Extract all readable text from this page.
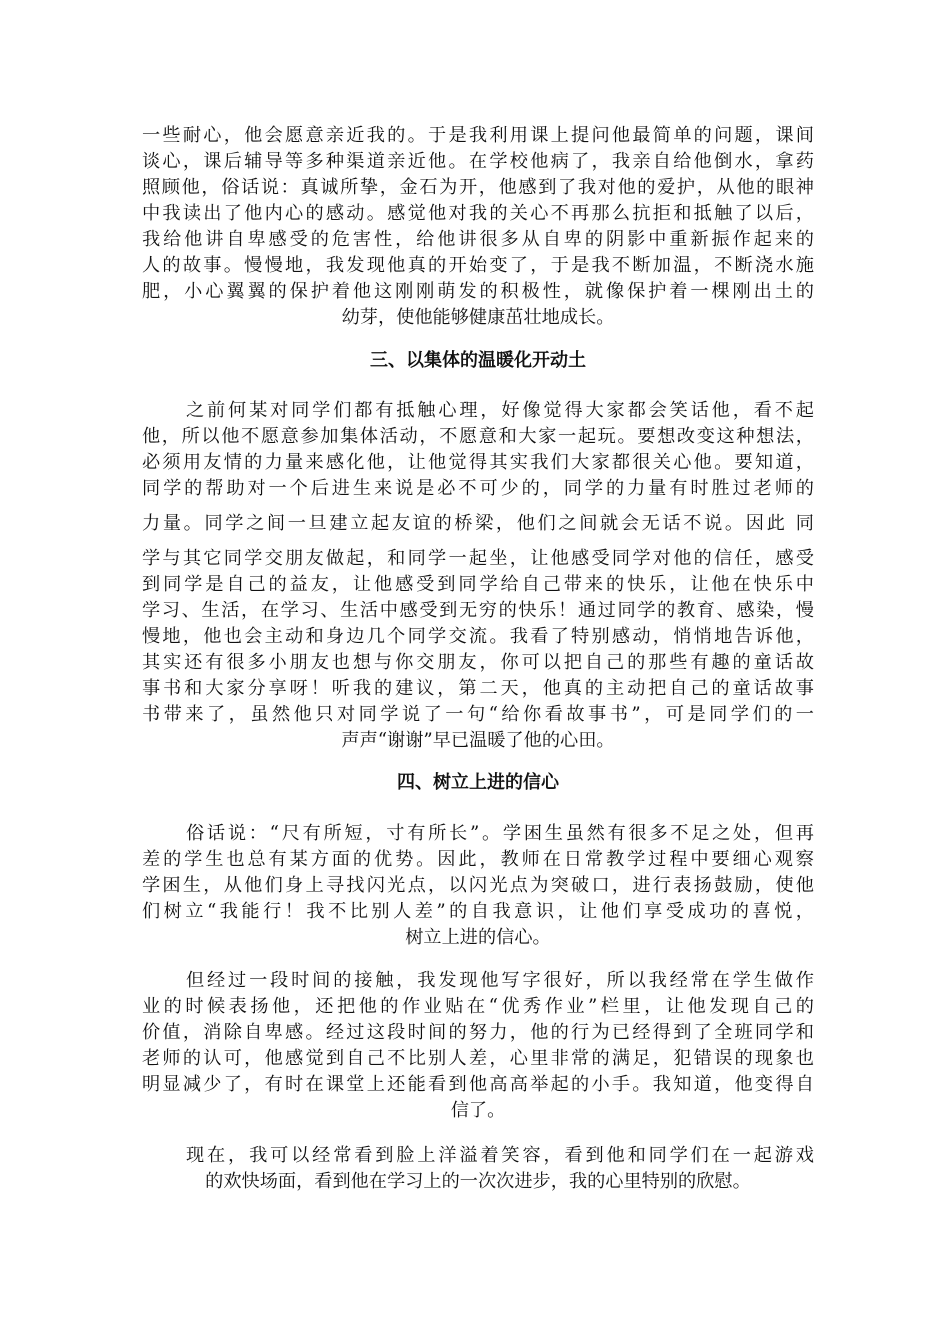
一些耐心，他会愿意亲近我的。于是我利用课上提问他最简单的问题，课间
谈心，课后辅导等多种渠道亲近他。在学校他病了，我亲自给他倒水，拿药
照顾他，俗话说：真诚所挚，金石为开，他感到了我对他的爱护，从他的眼神
中我读出了他内心的感动。感觉他对我的关心不再那么抗拒和抵触了以后，
我给他讲自卑感受的危害性，给他讲很多从自卑的阴影中重新振作起来的
人的故事。慢慢地，我发现他真的开始变了，于是我不断加温，不断浇水施
肥，小心翼翼的保护着他这刚刚萌发的积极性，就像保护着一棵刚出土的
幼芽，使他能够健康茁壮地成长。

三、以集体的温暖化开动土

之前何某对同学们都有抵触心理，好像觉得大家都会笑话他，看不起
他，所以他不愿意参加集体活动，不愿意和大家一起玩。要想改变这种想法，
必须用友情的力量来感化他，让他觉得其实我们大家都很关心他。要知道，
同学的帮助对一个后进生来说是必不可少的，同学的力量有时胜过老师的

力量。同学之间一旦建立起友谊的桥梁，他们之间就会无话不说。因此 同

学与其它同学交朋友做起，和同学一起坐，让他感受同学对他的信任，感受
到同学是自己的益友，让他感受到同学给自己带来的快乐，让他在快乐中
学习、生活，在学习、生活中感受到无穷的快乐！通过同学的教育、感染，慢
慢地，他也会主动和身边几个同学交流。我看了特别感动，悄悄地告诉他，
其实还有很多小朋友也想与你交朋友，你可以把自己的那些有趣的童话故
事书和大家分享呀！听我的建议，第二天，他真的主动把自己的童话故事
书带来了，虽然他只对同学说了一句“给你看故事书”，可是同学们的一
声声“谢谢”早已温暖了他的心田。

四、树立上进的信心

俗话说：“尺有所短，寸有所长”。学困生虽然有很多不足之处，但再
差的学生也总有某方面的优势。因此，教师在日常教学过程中要细心观察
学困生，从他们身上寻找闪光点，以闪光点为突破口，进行表扬鼓励，使他
们树立“我能行！我不比别人差”的自我意识，让他们享受成功的喜悦，
树立上进的信心。

但经过一段时间的接触，我发现他写字很好，所以我经常在学生做作
业的时候表扬他，还把他的作业贴在“优秀作业”栏里，让他发现自己的
价值，消除自卑感。经过这段时间的努力，他的行为已经得到了全班同学和
老师的认可，他感觉到自己不比别人差，心里非常的满足，犯错误的现象也
明显减少了，有时在课堂上还能看到他高高举起的小手。我知道，他变得自
信了。

现在，我可以经常看到脸上洋溢着笑容，看到他和同学们在一起游戏
的欢快场面，看到他在学习上的一次次进步，我的心里特别的欣慰。
